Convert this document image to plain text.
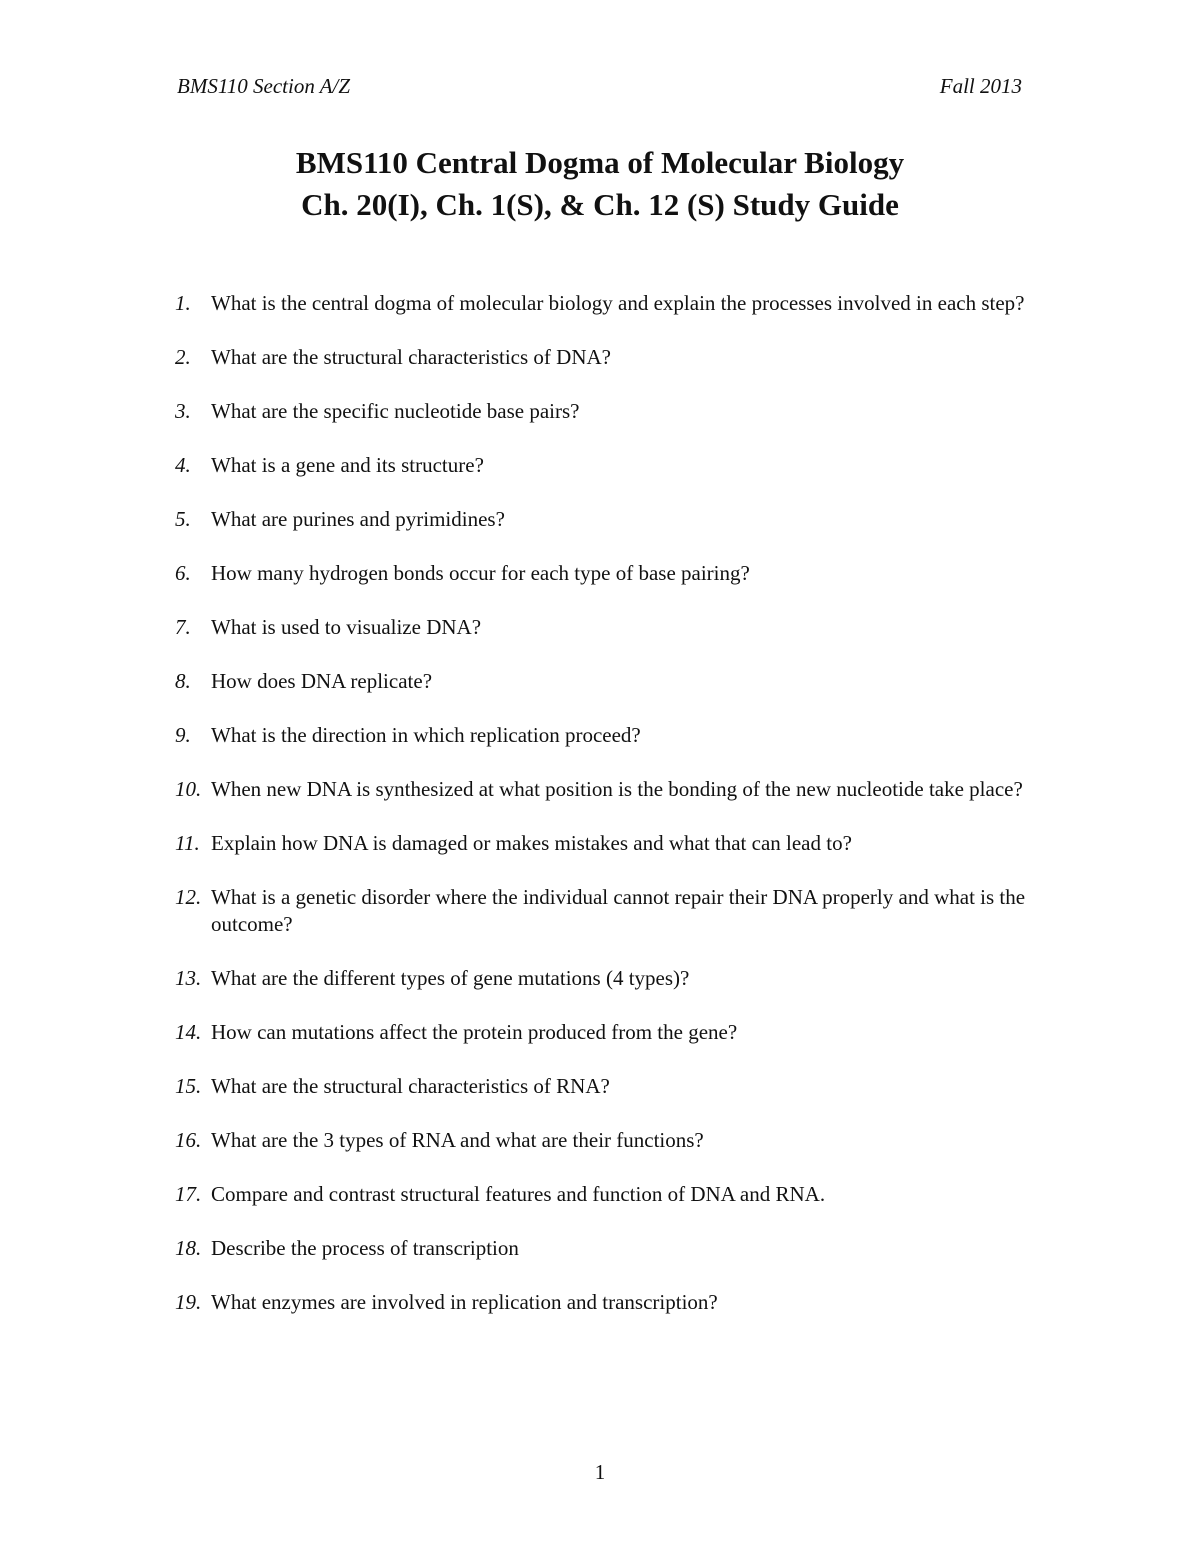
BMS110 Section A/Z	Fall 2013
BMS110 Central Dogma of Molecular Biology
Ch. 20(I), Ch. 1(S), & Ch. 12 (S) Study Guide
1. What is the central dogma of molecular biology and explain the processes involved in each step?
2. What are the structural characteristics of DNA?
3. What are the specific nucleotide base pairs?
4. What is a gene and its structure?
5. What are purines and pyrimidines?
6. How many hydrogen bonds occur for each type of base pairing?
7. What is used to visualize DNA?
8. How does DNA replicate?
9. What is the direction in which replication proceed?
10. When new DNA is synthesized at what position is the bonding of the new nucleotide take place?
11. Explain how DNA is damaged or makes mistakes and what that can lead to?
12. What is a genetic disorder where the individual cannot repair their DNA properly and what is the outcome?
13. What are the different types of gene mutations (4 types)?
14. How can mutations affect the protein produced from the gene?
15. What are the structural characteristics of RNA?
16. What are the 3 types of RNA and what are their functions?
17. Compare and contrast structural features and function of DNA and RNA.
18. Describe the process of transcription
19. What enzymes are involved in replication and transcription?
1
